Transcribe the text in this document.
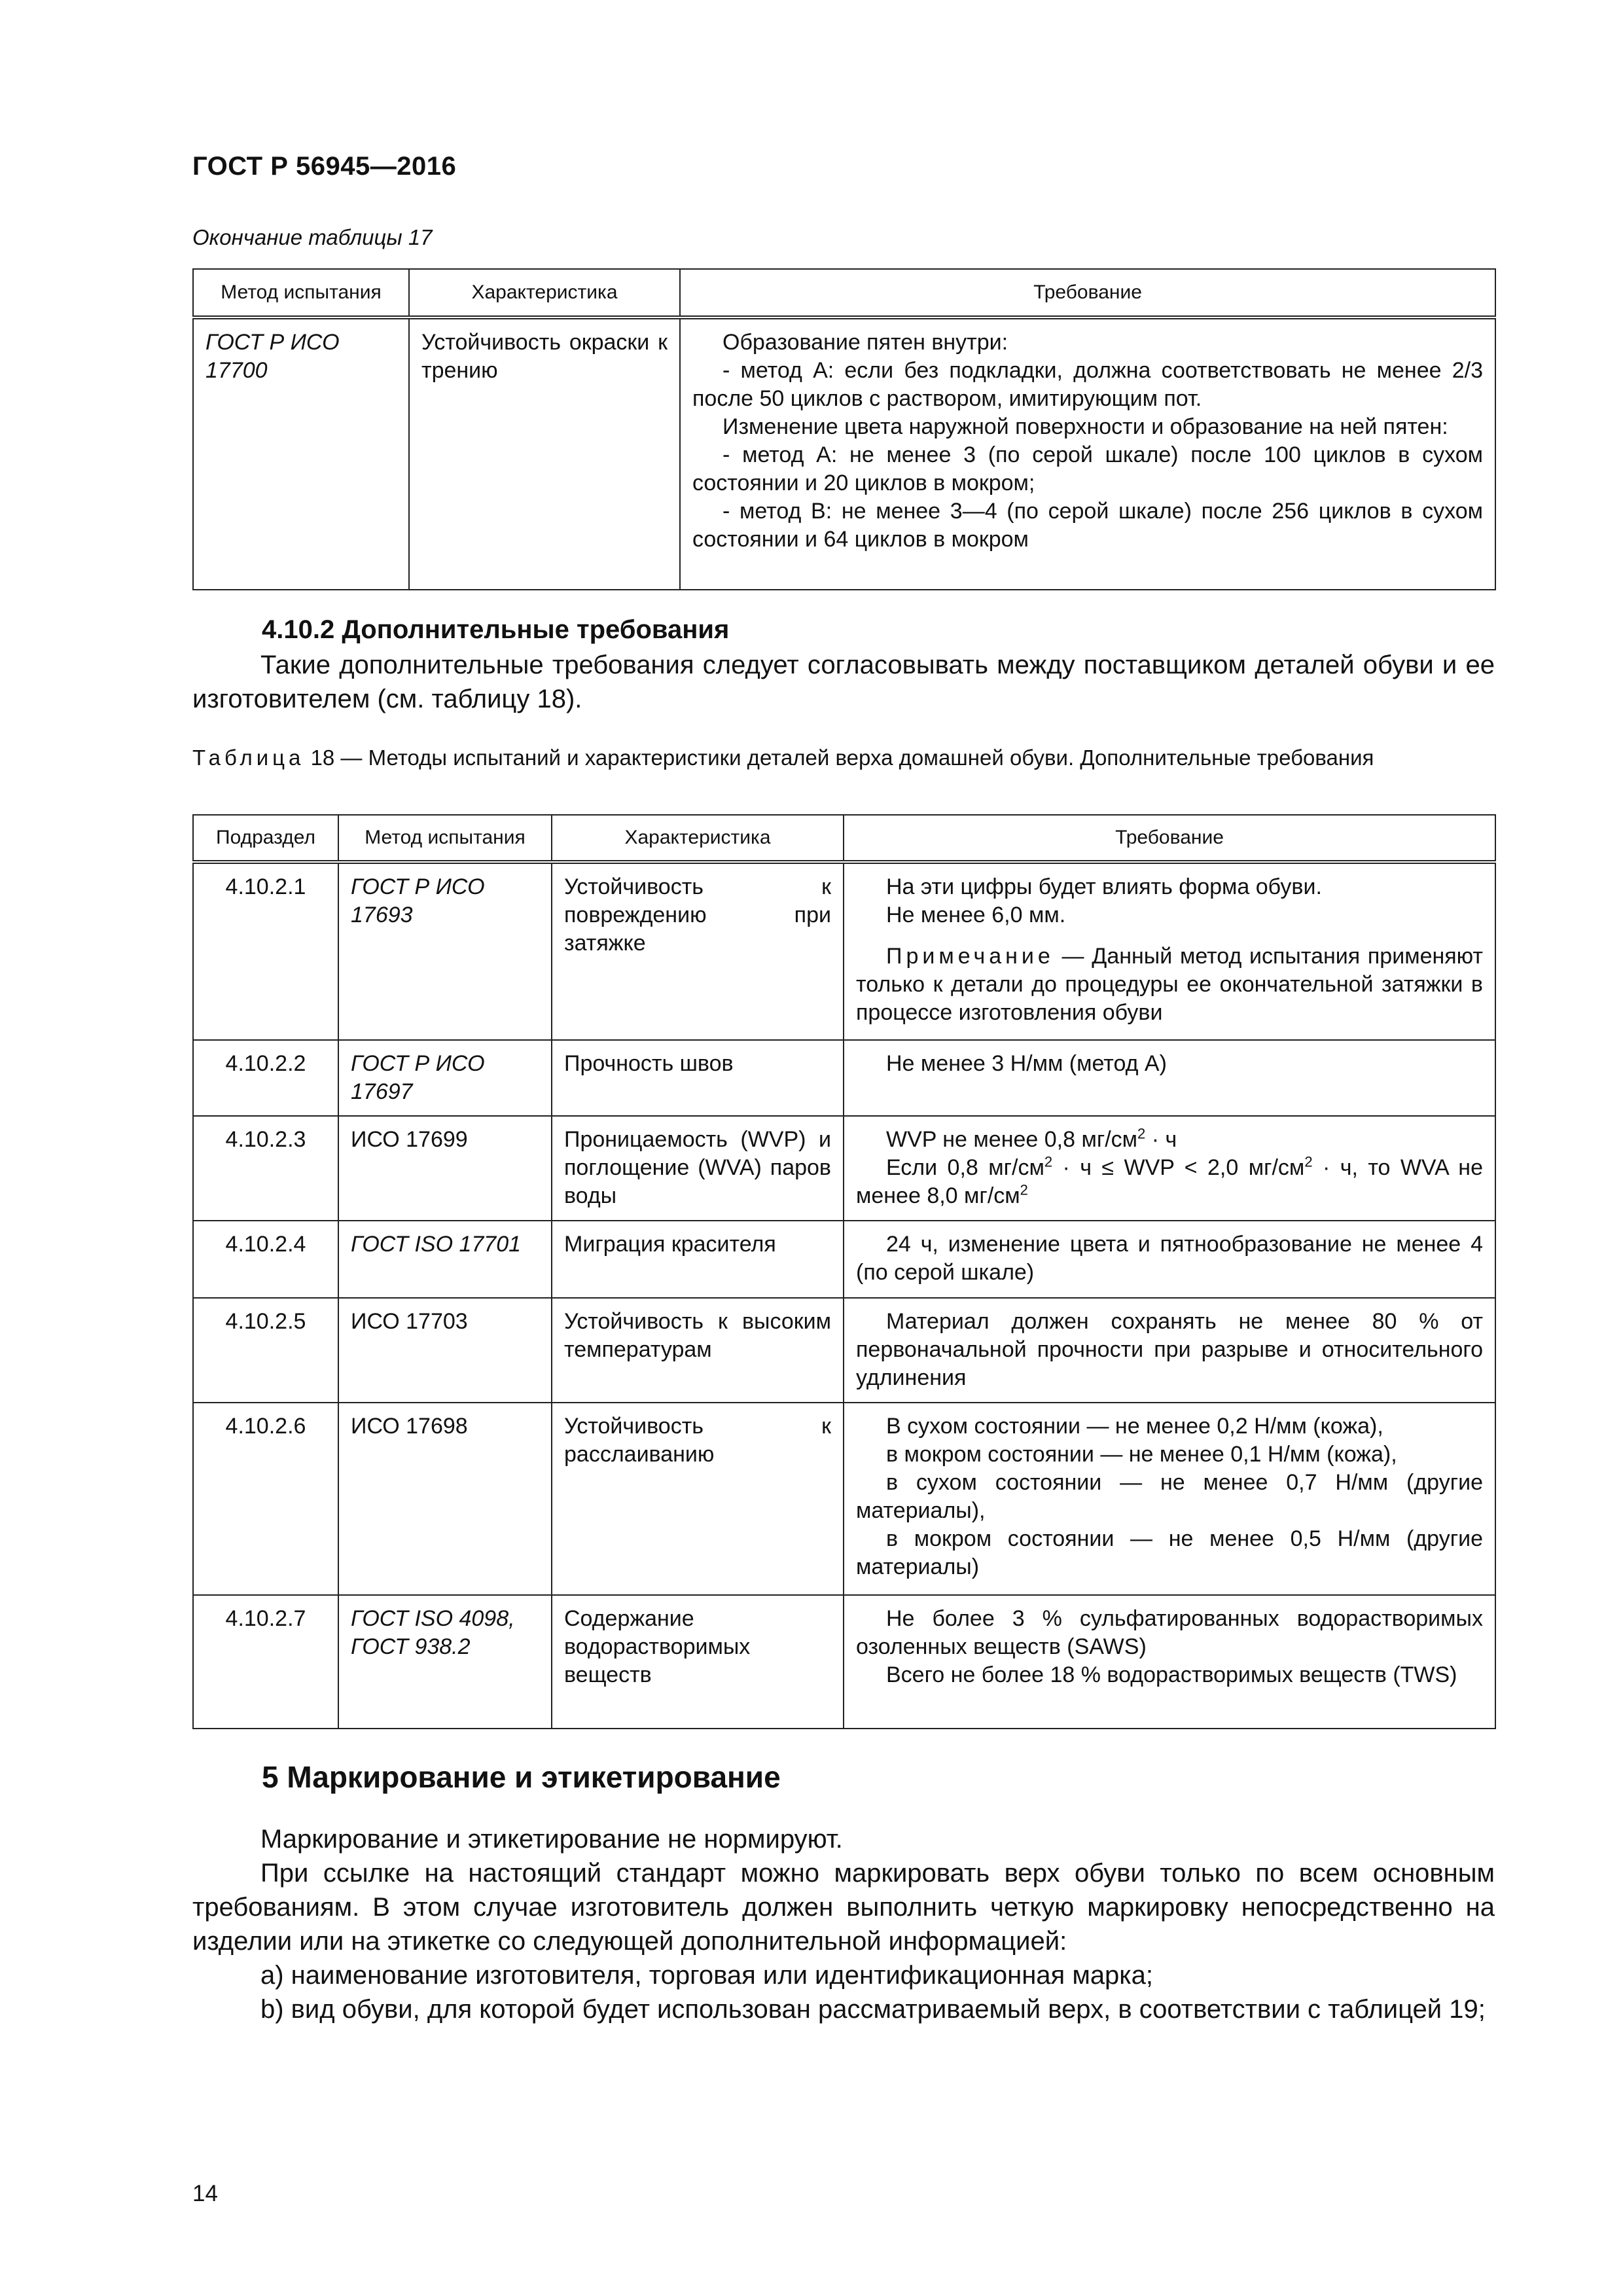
ГОСТ Р 56945—2016
Окончание таблицы 17
Метод испытания	Характеристика	Требование
ГОСТ Р ИСО 17700	Устойчивость окраски к трению	Образование пятен внутри:
- метод А: если без подкладки, должна соответствовать не менее 2/3 после 50 циклов с раствором, имитирующим пот.
Изменение цвета наружной поверхности и образование на ней пятен:
- метод А: не менее 3 (по серой шкале) после 100 циклов в сухом состоянии и 20 циклов в мокром;
- метод В: не менее 3—4 (по серой шкале) после 256 циклов в сухом состоянии и 64 циклов в мокром
4.10.2 Дополнительные требования
Такие дополнительные требования следует согласовывать между поставщиком деталей обуви и ее изготовителем (см. таблицу 18).
Таблица 18 — Методы испытаний и характеристики деталей верха домашней обуви. Дополнительные требования
Подраздел	Метод испытания	Характеристика	Требование
4.10.2.1	ГОСТ Р ИСО 17693	Устойчивость к повреждению при затяжке	На эти цифры будет влиять форма обуви.
Не менее 6,0 мм.
Примечание — Данный метод испытания применяют только к детали до процедуры ее окончательной затяжки в процессе изготовления обуви

4.10.2.2	ГОСТ Р ИСО 17697	Прочность швов	Не менее 3 Н/мм (метод А)

4.10.2.3	ИСО 17699	Проницаемость (WVP) и поглощение (WVA) паров воды	WVP не менее 0,8 $мг/см^2 \cdot ч$
Если 0,8 $мг/см^2 \cdot ч$ ≤ WVP < 2,0 $мг/см^2 \cdot ч$, то WVA не менее 8,0 $мг/см^2$

4.10.2.4	ГОСТ ISO 17701	Миграция красителя	24 ч, изменение цвета и пятнообразование не менее 4 (по серой шкале)

4.10.2.5	ИСО 17703	Устойчивость к высоким температурам	Материал должен сохранять не менее 80 % от первоначальной прочности при разрыве и относительного удлинения

4.10.2.6	ИСО 17698	Устойчивость к расслаиванию	В сухом состоянии — не менее 0,2 Н/мм (кожа),
в мокром состоянии — не менее 0,1 Н/мм (кожа),
в сухом состоянии — не менее 0,7 Н/мм (другие материалы),
в мокром состоянии — не менее 0,5 Н/мм (другие материалы)

4.10.2.7	ГОСТ ISO 4098, ГОСТ 938.2	Содержание водорастворимых веществ	Не более 3 % сульфатированных водорастворимых озоленных веществ (SAWS)
Всего не более 18 % водорастворимых веществ (TWS)
5 Маркирование и этикетирование
Маркирование и этикетирование не нормируют.
При ссылке на настоящий стандарт можно маркировать верх обуви только по всем основным требованиям. В этом случае изготовитель должен выполнить четкую маркировку непосредственно на изделии или на этикетке со следующей дополнительной информацией:
а) наименование изготовителя, торговая или идентификационная марка;
b) вид обуви, для которой будет использован рассматриваемый верх, в соответствии с таблицей 19;
14
